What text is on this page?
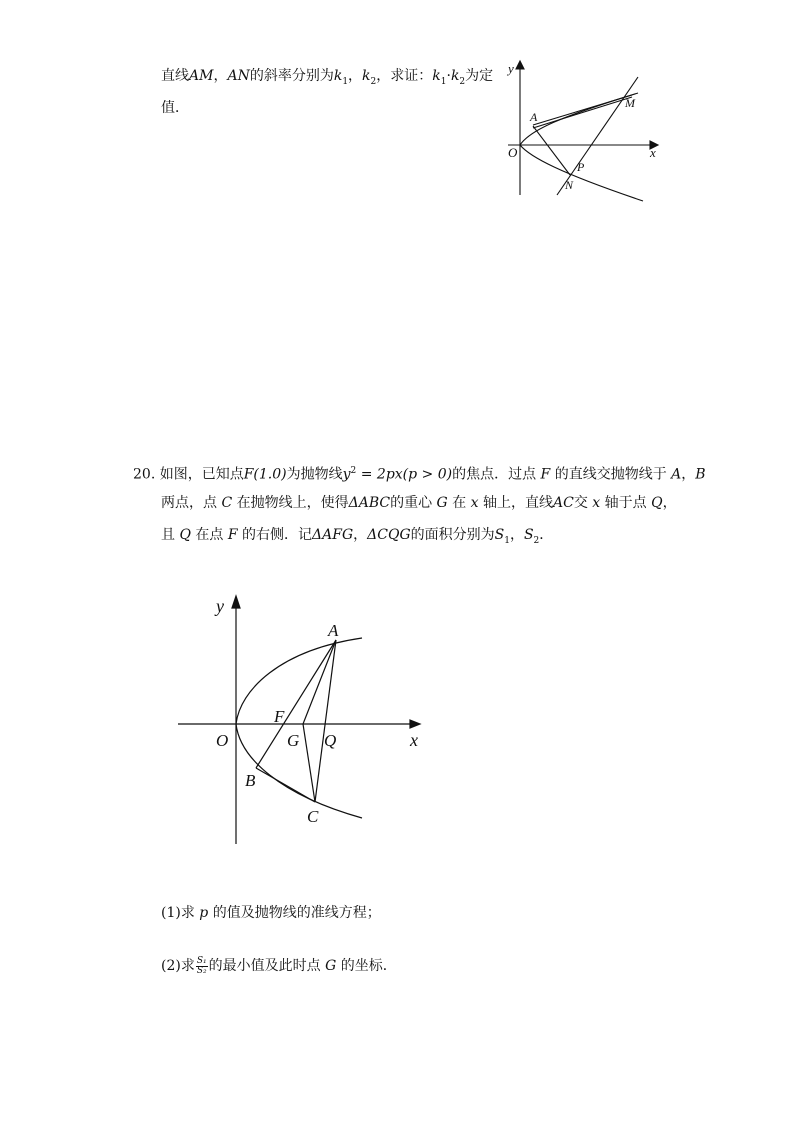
直线AM，AN的斜率分别为$k_1$，$k_2$，求证：$k_1\cdot k_2$为定
值．
y
x
O
A
M
P
N
20. 如图，已知点F(1.0)为抛物线$y^2 = 2px(p > 0)$的焦点．过点 F 的直线交抛物线于 A，B
两点，点 C 在抛物线上，使得ΔABC的重心 G 在 x 轴上，直线AC交 x 轴于点 Q，
且 Q 在点 F 的右侧．记ΔAFG，ΔCQG的面积分别为$S_1$，$S_2$．
y
x
O
A
F
G Q
B
C
(1)求 p 的值及抛物线的准线方程；
(2)求 $\frac{\text{S₁}}{\text{S₂}}$ 的最小值及此时点 G 的坐标．
